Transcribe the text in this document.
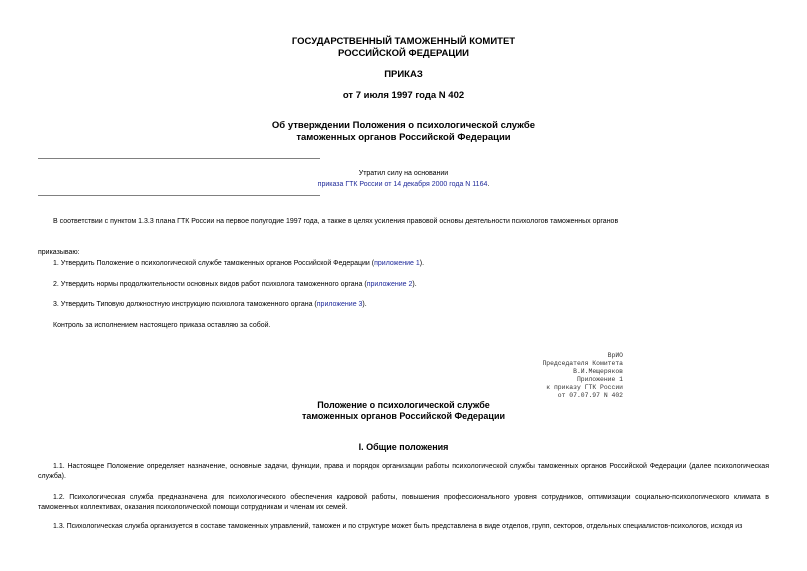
ГОСУДАРСТВЕННЫЙ ТАМОЖЕННЫЙ КОМИТЕТ
РОССИЙСКОЙ ФЕДЕРАЦИИ
ПРИКАЗ
от 7 июля 1997 года N 402
Об утверждении Положения о психологической службе
таможенных органов Российской Федерации
Утратил силу на основании
приказа ГТК России от 14 декабря 2000 года N 1164.
В соответствии с пунктом 1.3.3 плана ГТК России на первое полугодие 1997 года, а также в целях усиления правовой основы деятельности психологов таможенных органов
приказываю:
1. Утвердить Положение о психологической службе таможенных органов Российской Федерации (приложение 1).
2. Утвердить нормы продолжительности основных видов работ психолога таможенного органа (приложение 2).
3. Утвердить Типовую должностную инструкцию психолога таможенного органа (приложение 3).
Контроль за исполнением настоящего приказа оставляю за собой.
ВрИО
Председателя Комитета
В.И.Мещеряков
Приложение 1
к приказу ГТК России
от 07.07.97 N 402
Положение о психологической службе
таможенных органов Российской Федерации
I. Общие положения
1.1. Настоящее Положение определяет назначение, основные задачи, функции, права и порядок организации работы психологической службы таможенных органов Российской Федерации (далее психологическая служба).
1.2. Психологическая служба предназначена для психологического обеспечения кадровой работы, повышения профессионального уровня сотрудников, оптимизации социально-психологического климата в таможенных коллективах, оказания психологической помощи сотрудникам и членам их семей.
1.3. Психологическая служба организуется в составе таможенных управлений, таможен и по структуре может быть представлена в виде отделов, групп, секторов, отдельных специалистов-психологов, исходя из
